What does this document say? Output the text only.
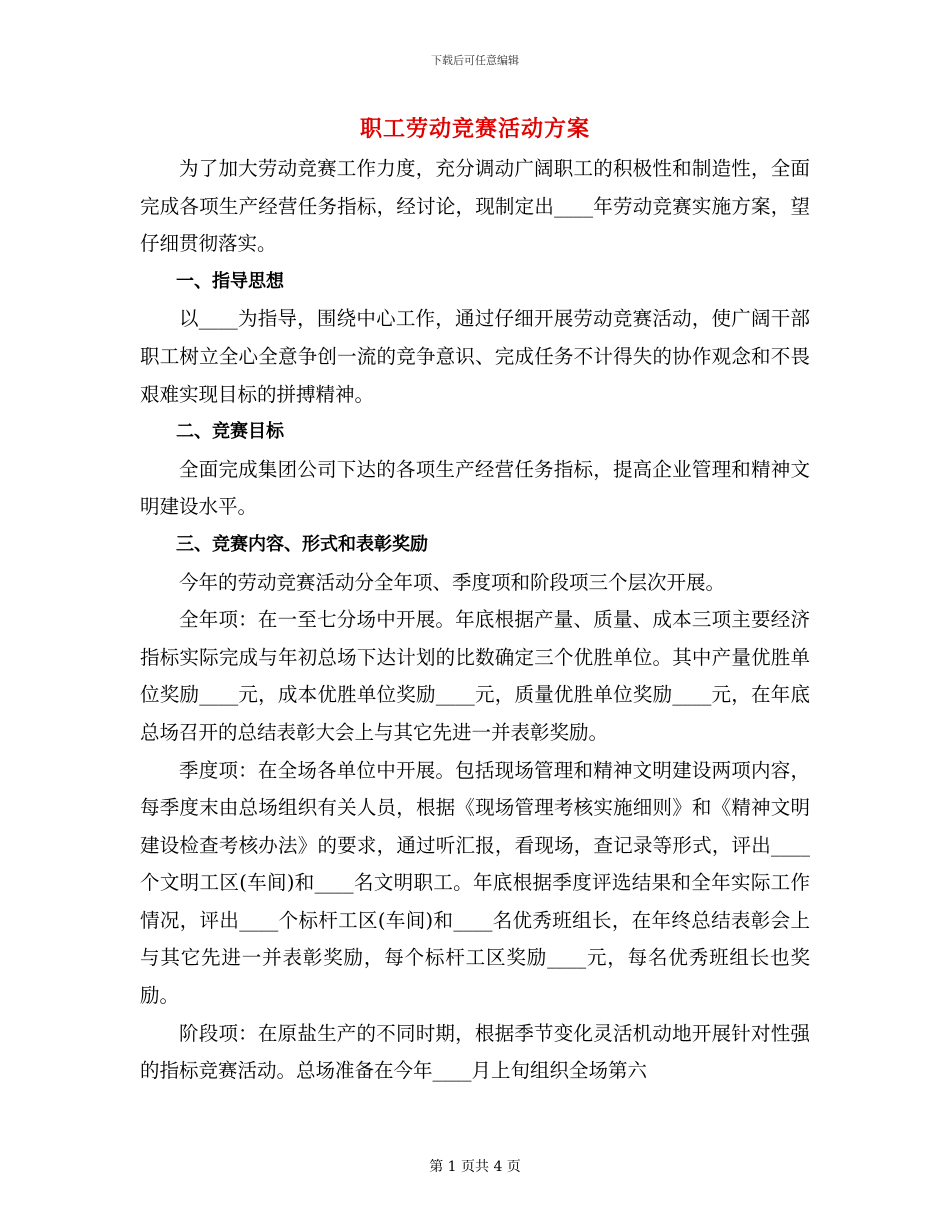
下载后可任意编辑
职工劳动竞赛活动方案

为了加大劳动竞赛工作力度，充分调动广阔职工的积极性和制造性，全面完成各项生产经营任务指标，经讨论，现制定出____年劳动竞赛实施方案，望仔细贯彻落实。

一、指导思想

以____为指导，围绕中心工作，通过仔细开展劳动竞赛活动，使广阔干部职工树立全心全意争创一流的竞争意识、完成任务不计得失的协作观念和不畏艰难实现目标的拼搏精神。

二、竞赛目标

全面完成集团公司下达的各项生产经营任务指标，提高企业管理和精神文明建设水平。

三、竞赛内容、形式和表彰奖励

今年的劳动竞赛活动分全年项、季度项和阶段项三个层次开展。

全年项：在一至七分场中开展。年底根据产量、质量、成本三项主要经济指标实际完成与年初总场下达计划的比数确定三个优胜单位。其中产量优胜单位奖励____元，成本优胜单位奖励____元，质量优胜单位奖励____元，在年底总场召开的总结表彰大会上与其它先进一并表彰奖励。

季度项：在全场各单位中开展。包括现场管理和精神文明建设两项内容，每季度末由总场组织有关人员，根据《现场管理考核实施细则》和《精神文明建设检查考核办法》的要求，通过听汇报，看现场，查记录等形式，评出____个文明工区(车间)和____名文明职工。年底根据季度评选结果和全年实际工作情况，评出____个标杆工区(车间)和____名优秀班组长，在年终总结表彰会上与其它先进一并表彰奖励，每个标杆工区奖励____元，每名优秀班组长也奖励。

阶段项：在原盐生产的不同时期，根据季节变化灵活机动地开展针对性强的指标竞赛活动。总场准备在今年____月上旬组织全场第六

第 1 页共 4 页
